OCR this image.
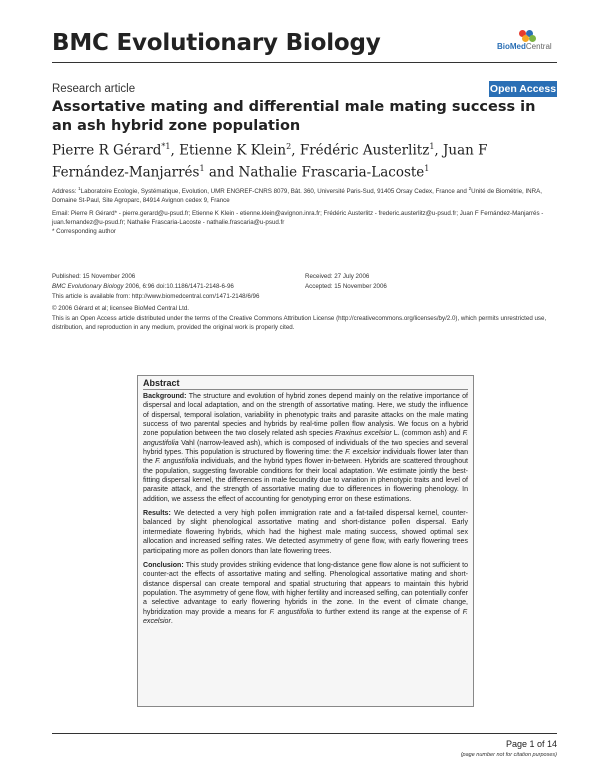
BMC Evolutionary Biology	BioMedCentral
Research article	Open Access
Assortative mating and differential male mating success in an ash hybrid zone population
Pierre R Gérard$^{*1}$, Etienne K Klein$^2$, Frédéric Austerlitz$^1$, Juan F Fernández-Manjarrés$^1$ and Nathalie Frascaria-Lacoste$^1$
Address: $^1$Laboratoire Ecologie, Systématique, Evolution, UMR ENGREF-CNRS 8079, Bât. 360, Université Paris-Sud, 91405 Orsay Cedex, France and $^2$Unité de Biométrie, INRA, Domaine St-Paul, Site Agroparc, 84914 Avignon cedex 9, France
Email: Pierre R Gérard* - pierre.gerard@u-psud.fr; Etienne K Klein - etienne.klein@avignon.inra.fr; Frédéric Austerlitz - frederic.austerlitz@u-psud.fr; Juan F Fernández-Manjarrés - juan.fernandez@u-psud.fr; Nathalie Frascaria-Lacoste - nathalie.frascaria@u-psud.fr
* Corresponding author
Published: 15 November 2006
BMC Evolutionary Biology 2006, 6:96 doi:10.1186/1471-2148-6-96
This article is available from: http://www.biomedcentral.com/1471-2148/6/96
Received: 27 July 2006
Accepted: 15 November 2006
© 2006 Gérard et al; licensee BioMed Central Ltd.
This is an Open Access article distributed under the terms of the Creative Commons Attribution License (http://creativecommons.org/licenses/by/2.0), which permits unrestricted use, distribution, and reproduction in any medium, provided the original work is properly cited.
Abstract

Background: The structure and evolution of hybrid zones depend mainly on the relative importance of dispersal and local adaptation, and on the strength of assortative mating. Here, we study the influence of dispersal, temporal isolation, variability in phenotypic traits and parasite attacks on the male mating success of two parental species and hybrids by real-time pollen flow analysis. We focus on a hybrid zone population between the two closely related ash species Fraxinus excelsior L. (common ash) and F. angustifolia Vahl (narrow-leaved ash), which is composed of individuals of the two species and several hybrid types. This population is structured by flowering time: the F. excelsior individuals flower later than the F. angustifolia individuals, and the hybrid types flower in-between. Hybrids are scattered throughout the population, suggesting favorable conditions for their local adaptation. We estimate jointly the best-fitting dispersal kernel, the differences in male fecundity due to variation in phenotypic traits and level of parasite attack, and the strength of assortative mating due to differences in flowering phenology. In addition, we assess the effect of accounting for genotyping error on these estimations.

Results: We detected a very high pollen immigration rate and a fat-tailed dispersal kernel, counter-balanced by slight phenological assortative mating and short-distance pollen dispersal. Early intermediate flowering hybrids, which had the highest male mating success, showed optimal sex allocation and increased selfing rates. We detected asymmetry of gene flow, with early flowering trees participating more as pollen donors than late flowering trees.

Conclusion: This study provides striking evidence that long-distance gene flow alone is not sufficient to counter-act the effects of assortative mating and selfing. Phenological assortative mating and short-distance dispersal can create temporal and spatial structuring that appears to maintain this hybrid population. The asymmetry of gene flow, with higher fertility and increased selfing, can potentially confer a selective advantage to early flowering hybrids in the zone. In the event of climate change, hybridization may provide a means for F. angustifolia to further extend its range at the expense of F. excelsior.

Page 1 of 14
(page number not for citation purposes)
